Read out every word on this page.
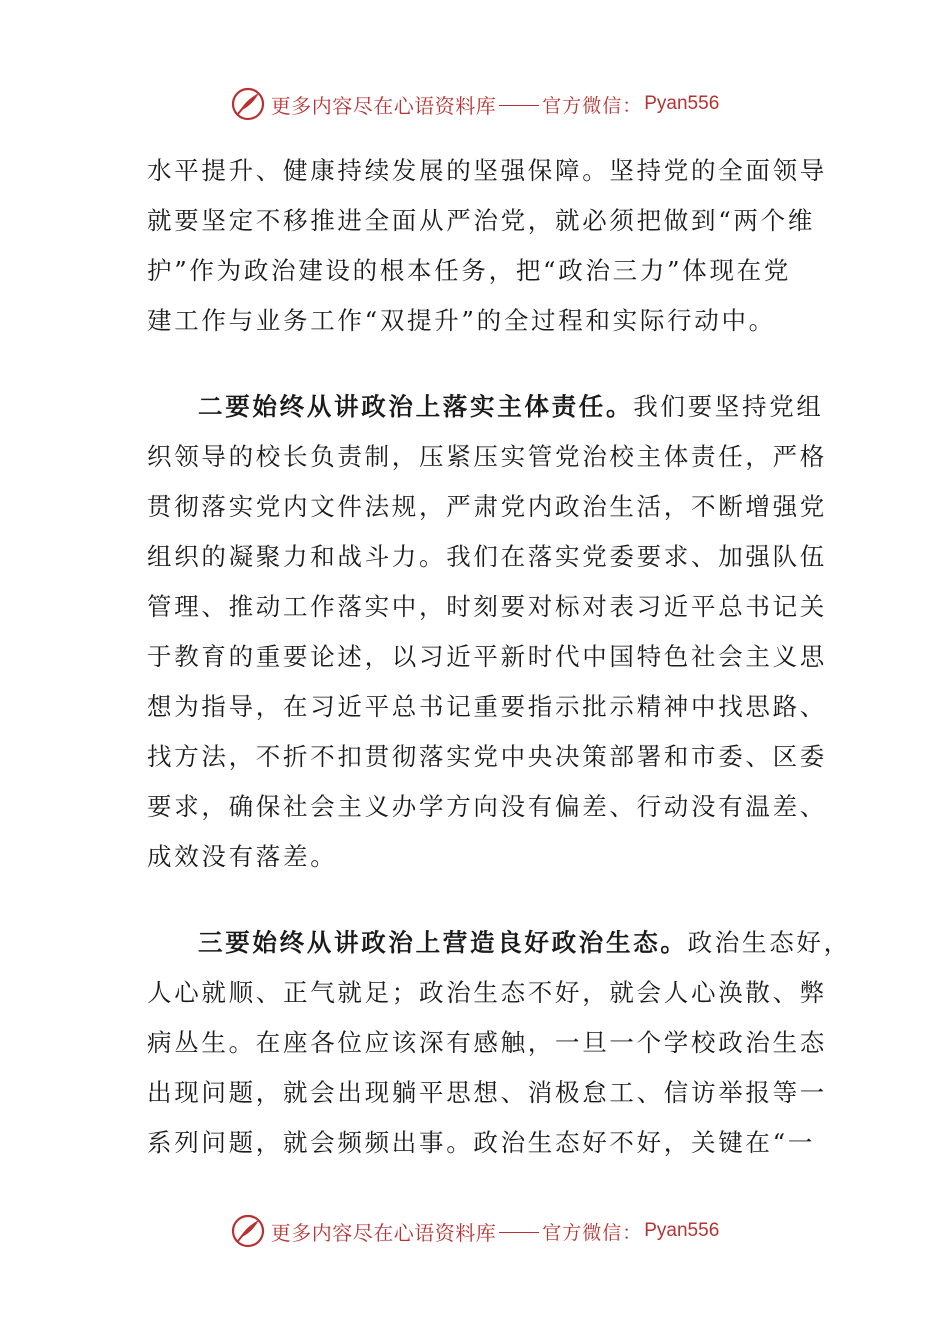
更多内容尽在心语资料库 官方微信： Pyan556
水平提升、健康持续发展的坚强保障。坚持党的全面领导
就要坚定不移推进全面从严治党，就必须把做到“两个维
护”作为政治建设的根本任务，把“政治三力”体现在党
建工作与业务工作“双提升”的全过程和实际行动中。
二要始终从讲政治上落实主体责任。我们要坚持党组
织领导的校长负责制，压紧压实管党治校主体责任，严格
贯彻落实党内文件法规，严肃党内政治生活，不断增强党
组织的凝聚力和战斗力。我们在落实党委要求、加强队伍
管理、推动工作落实中，时刻要对标对表习近平总书记关
于教育的重要论述，以习近平新时代中国特色社会主义思
想为指导，在习近平总书记重要指示批示精神中找思路、
找方法，不折不扣贯彻落实党中央决策部署和市委、区委
要求，确保社会主义办学方向没有偏差、行动没有温差、
成效没有落差。
三要始终从讲政治上营造良好政治生态。政治生态好，
人心就顺、正气就足；政治生态不好，就会人心涣散、弊
病丛生。在座各位应该深有感触，一旦一个学校政治生态
出现问题，就会出现躺平思想、消极怠工、信访举报等一
系列问题，就会频频出事。政治生态好不好，关键在“一
更多内容尽在心语资料库 官方微信： Pyan556
